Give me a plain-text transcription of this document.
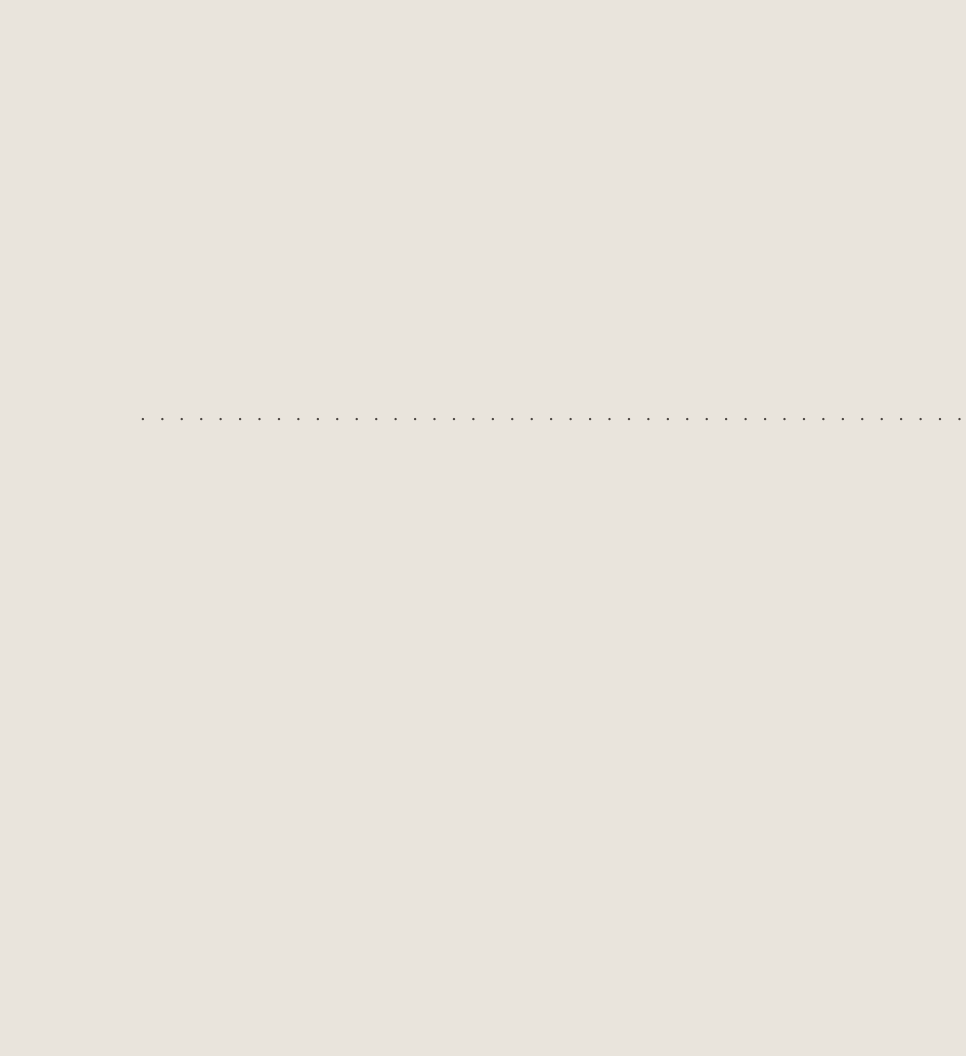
. . . . . . . . . . . . . . . . . . . . . . . . . . . . . . . . . . . . . . . . . . .
